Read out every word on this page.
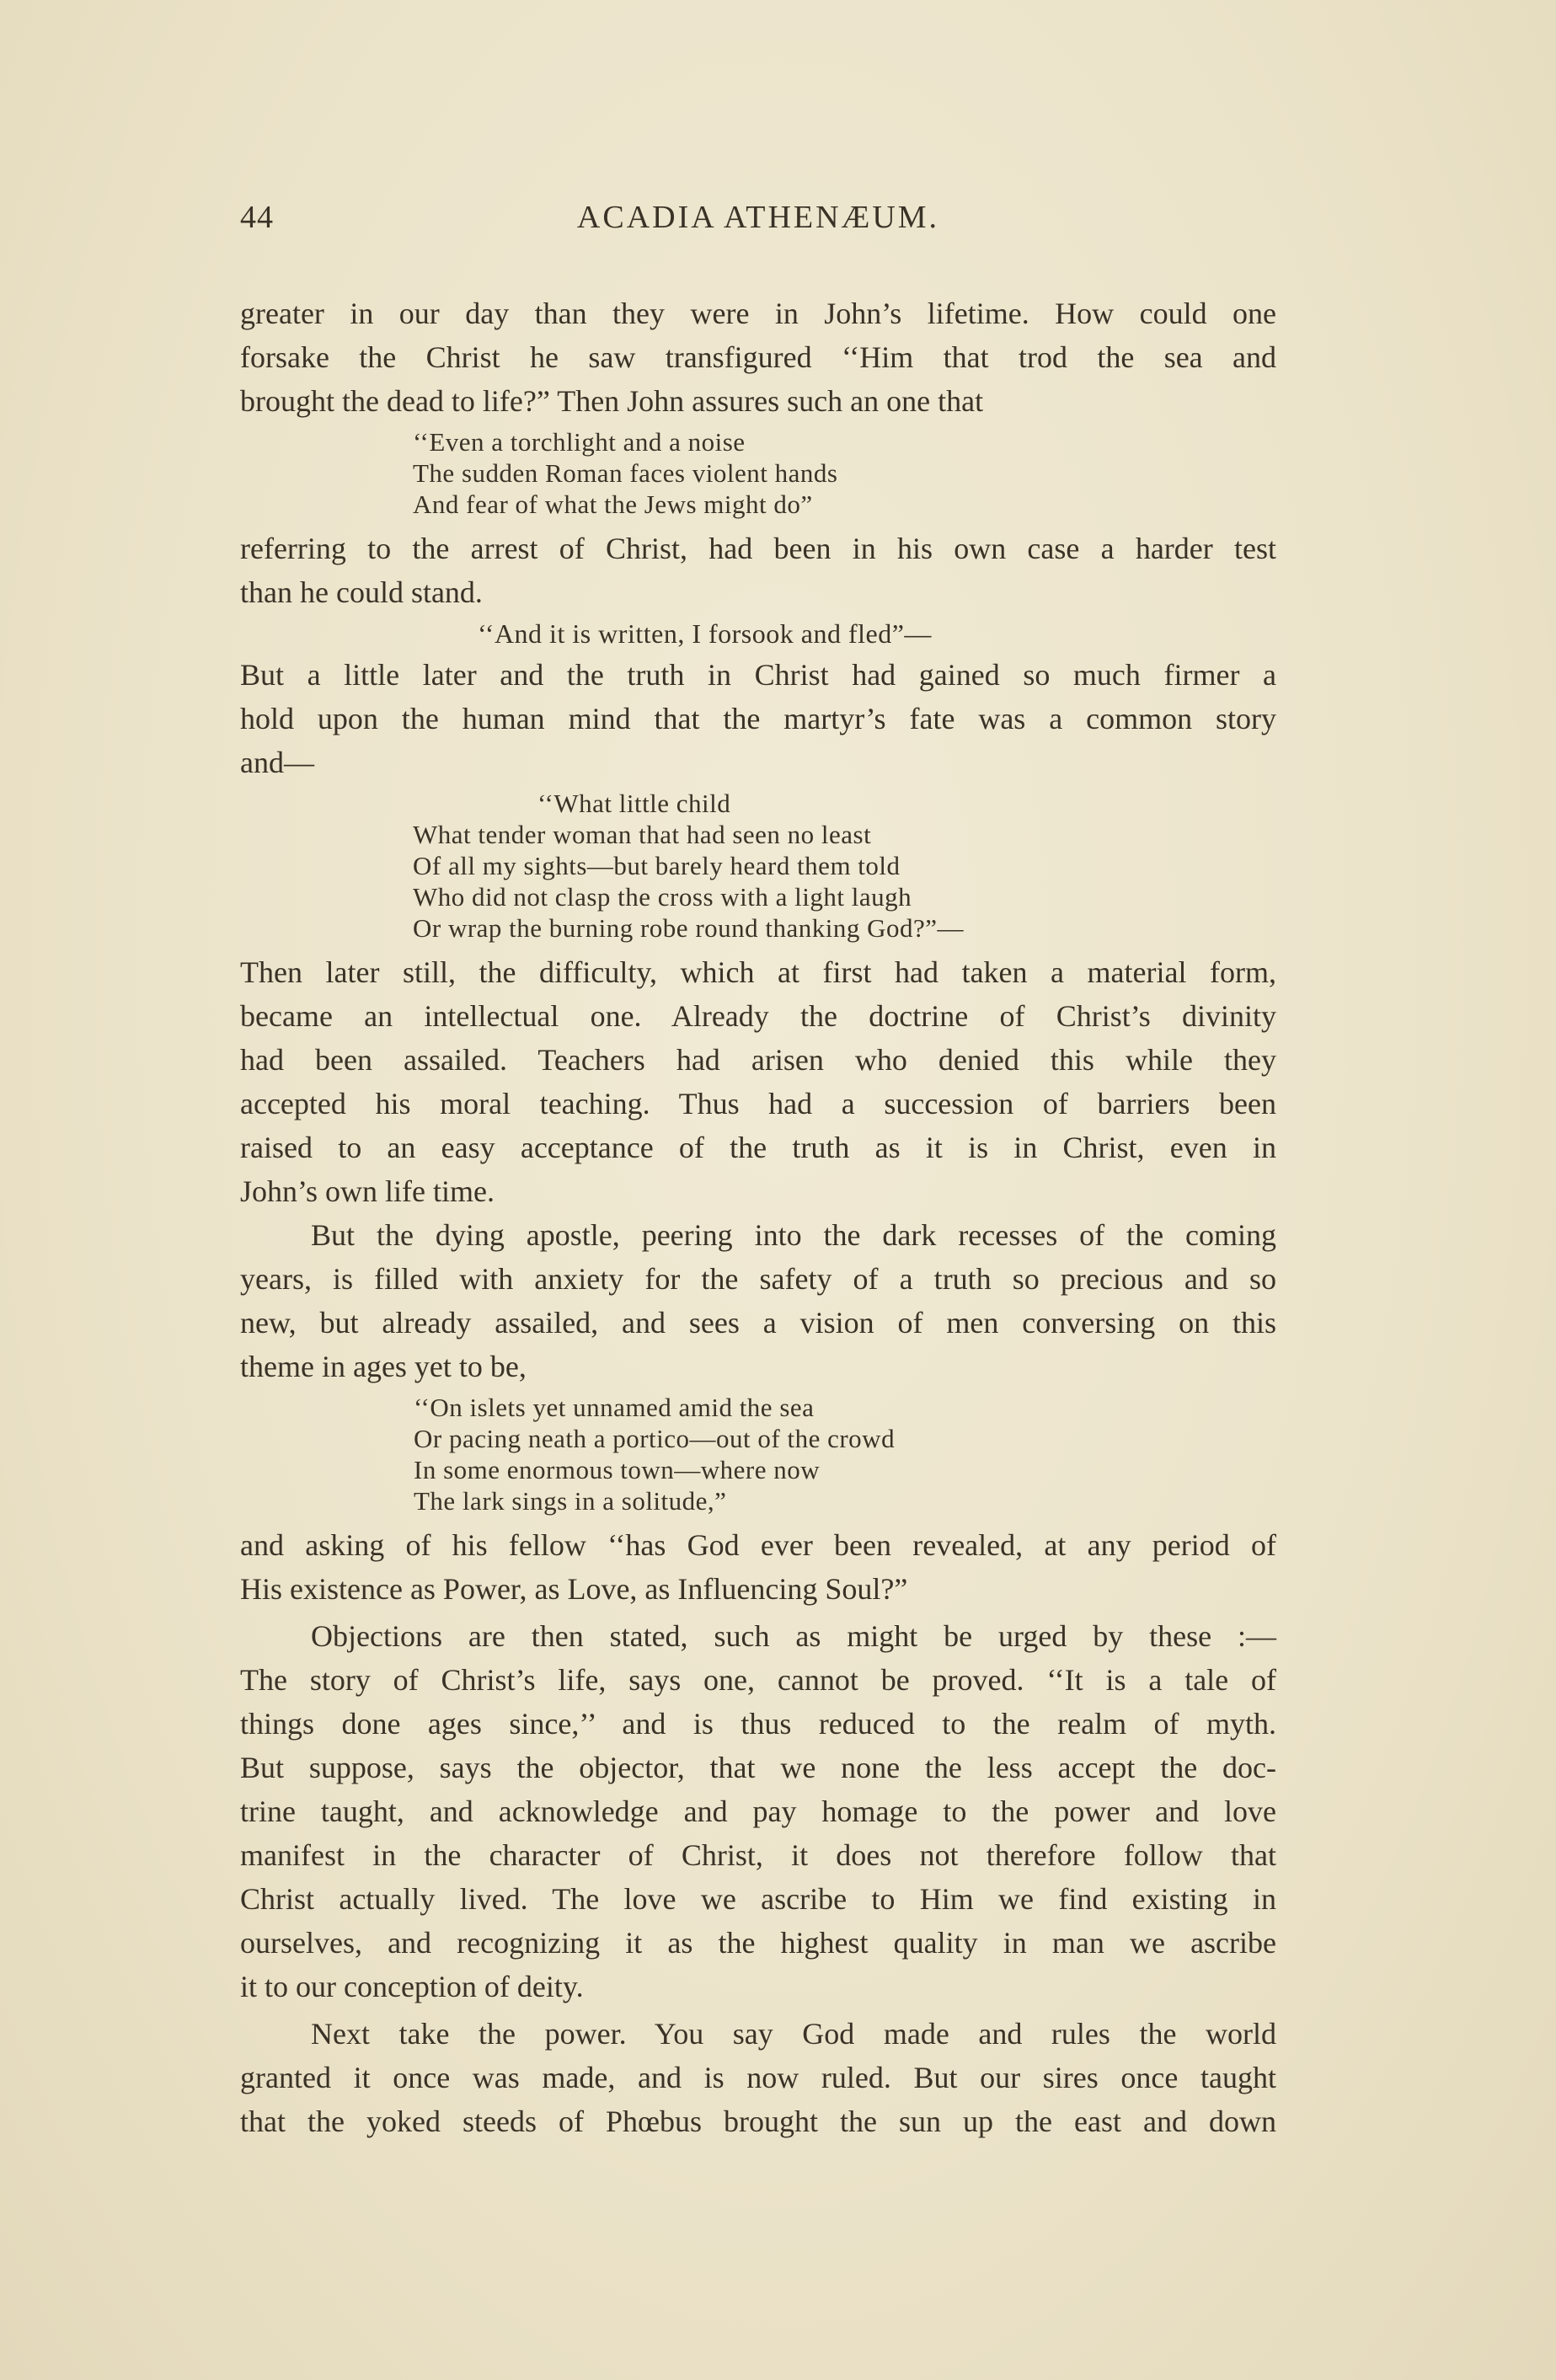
44	ACADIA ATHENÆUM.
greater in our day than they were in John’s lifetime. How could one
forsake the Christ he saw transfigured ‘‘Him that trod the sea and
brought the dead to life?” Then John assures such an one that
‘‘Even a torchlight and a noise
The sudden Roman faces violent hands
And fear of what the Jews might do”
referring to the arrest of Christ, had been in his own case a harder test
than he could stand.
‘‘And it is written, I forsook and fled”—
But a little later and the truth in Christ had gained so much firmer a
hold upon the human mind that the martyr’s fate was a common story
and—
‘‘What little child
What tender woman that had seen no least
Of all my sights—but barely heard them told
Who did not clasp the cross with a light laugh
Or wrap the burning robe round thanking God?”—
Then later still, the difficulty, which at first had taken a material form,
became an intellectual one. Already the doctrine of Christ’s divinity
had been assailed. Teachers had arisen who denied this while they
accepted his moral teaching. Thus had a succession of barriers been
raised to an easy acceptance of the truth as it is in Christ, even in
John’s own life time.
But the dying apostle, peering into the dark recesses of the coming
years, is filled with anxiety for the safety of a truth so precious and so
new, but already assailed, and sees a vision of men conversing on this
theme in ages yet to be,
‘‘On islets yet unnamed amid the sea
Or pacing neath a portico—out of the crowd
In some enormous town—where now
The lark sings in a solitude,”
and asking of his fellow ‘‘has God ever been revealed, at any period of
His existence as Power, as Love, as Influencing Soul?”
Objections are then stated, such as might be urged by these :—
The story of Christ’s life, says one, cannot be proved. ‘‘It is a tale of
things done ages since,’’ and is thus reduced to the realm of myth.
But suppose, says the objector, that we none the less accept the doc-
trine taught, and acknowledge and pay homage to the power and love
manifest in the character of Christ, it does not therefore follow that
Christ actually lived. The love we ascribe to Him we find existing in
ourselves, and recognizing it as the highest quality in man we ascribe
it to our conception of deity.
Next take the power. You say God made and rules the world
granted it once was made, and is now ruled. But our sires once taught
that the yoked steeds of Phœbus brought the sun up the east and down
